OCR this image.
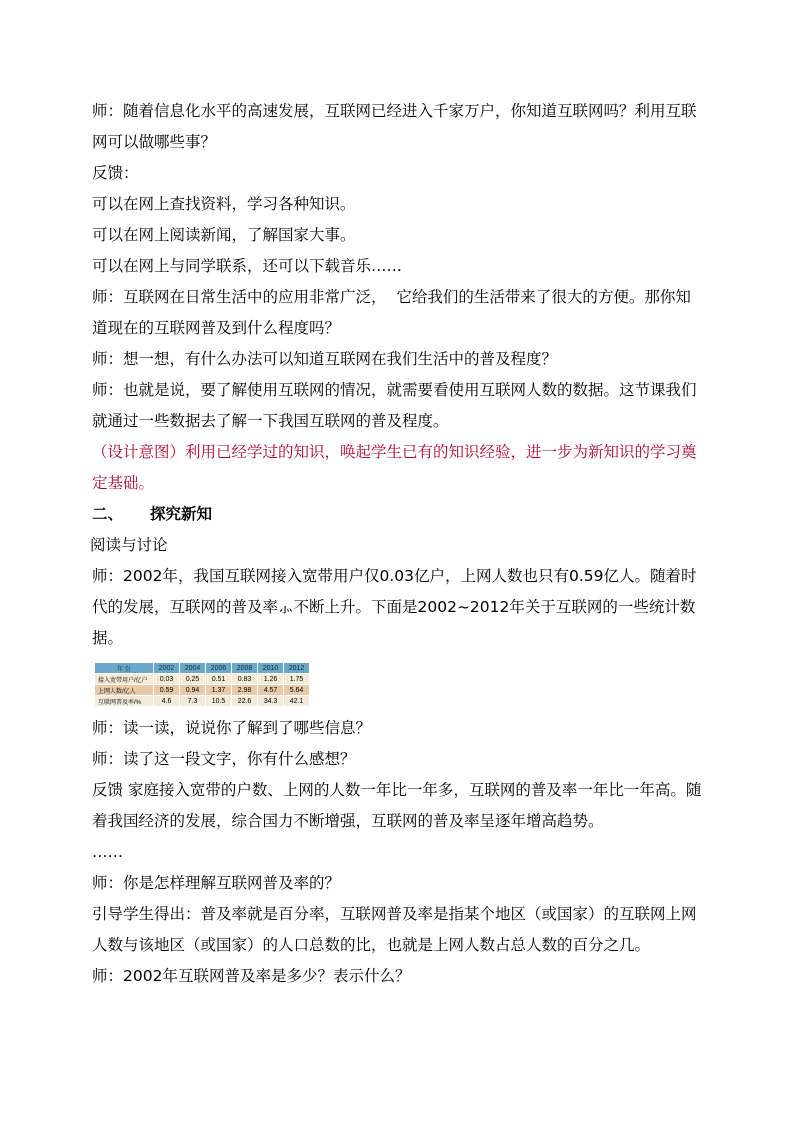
师：随着信息化水平的高速发展，互联网已经进入千家万户，你知道互联网吗？利用互联网可以做哪些事？

反馈：

可以在网上查找资料，学习各种知识。

可以在网上阅读新闻，了解国家大事。

可以在网上与同学联系，还可以下载音乐……

师：互联网在日常生活中的应用非常广泛，  它给我们的生活带来了很大的方便。那你知道现在的互联网普及到什么程度吗？

师：想一想，有什么办法可以知道互联网在我们生活中的普及程度？

师：也就是说，要了解使用互联网的情况，就需要看使用互联网人数的数据。这节课我们就通过一些数据去了解一下我国互联网的普及程度。

（设计意图）利用已经学过的知识，唤起学生已有的知识经验，进一步为新知识的学习奠定基础。

二、 探究新知

阅读与讨论

师：2002年，我国互联网接入宽带用户仅0.03亿户，上网人数也只有0.59亿人。随着时代的发展，互联网的普及率⺗不断上升。下面是2002~2012年关于互联网的一些统计数据。

年 份	2002	2004	2006	2008	2010	2012
接入宽带用户/亿户	0.03	0.25	0.51	0.83	1.26	1.75
上网人数/亿人	0.59	0.94	1.37	2.98	4.57	5.64
互联网普及率/%	4.6	7.3	10.5	22.6	34.3	42.1

师：读一读，说说你了解到了哪些信息？

师：读了这一段文字，你有什么感想？

反馈 家庭接入宽带的户数、上网的人数一年比一年多，互联网的普及率一年比一年高。随着我国经济的发展，综合国力不断增强，互联网的普及率呈逐年增高趋势。

……

师：你是怎样理解互联网普及率的？

引导学生得出：普及率就是百分率，互联网普及率是指某个地区（或国家）的互联网上网人数与该地区（或国家）的人口总数的比，也就是上网人数占总人数的百分之几。

师：2002年互联网普及率是多少？表示什么？
